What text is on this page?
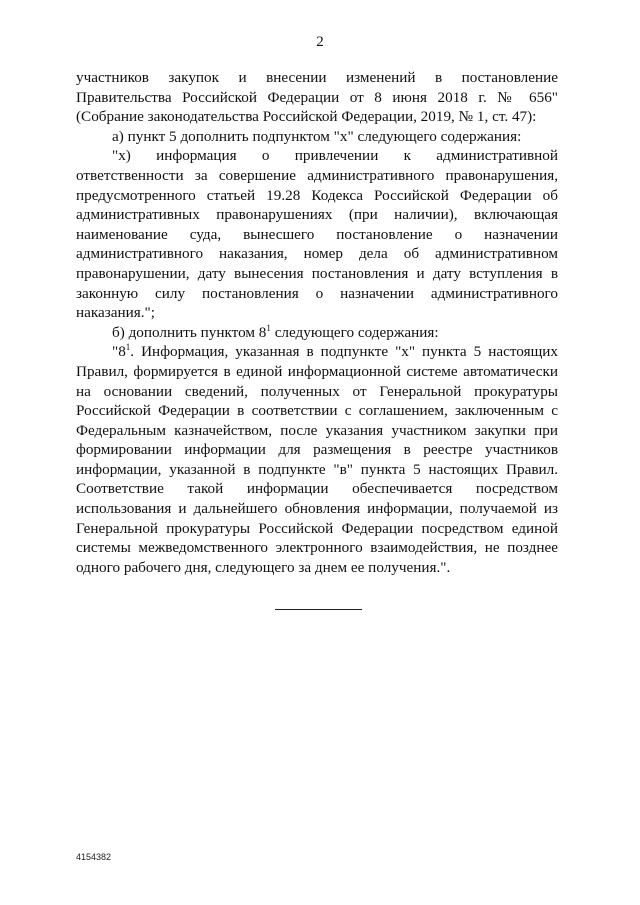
2

участников закупок и внесении изменений в постановление Правительства Российской Федерации от 8 июня 2018 г. № 656" (Собрание законодательства Российской Федерации, 2019, № 1, ст. 47):

а) пункт 5 дополнить подпунктом "х" следующего содержания:

"х) информация о привлечении к административной ответственности за совершение административного правонарушения, предусмотренного статьей 19.28 Кодекса Российской Федерации об административных правонарушениях (при наличии), включающая наименование суда, вынесшего постановление о назначении административного наказания, номер дела об административном правонарушении, дату вынесения постановления и дату вступления в законную силу постановления о назначении административного наказания.";

б) дополнить пунктом $8^1$ следующего содержания:

"$8^1$. Информация, указанная в подпункте "х" пункта 5 настоящих Правил, формируется в единой информационной системе автоматически на основании сведений, полученных от Генеральной прокуратуры Российской Федерации в соответствии с соглашением, заключенным с Федеральным казначейством, после указания участником закупки при формировании информации для размещения в реестре участников информации, указанной в подпункте "в" пункта 5 настоящих Правил. Соответствие такой информации обеспечивается посредством использования и дальнейшего обновления информации, получаемой из Генеральной прокуратуры Российской Федерации посредством единой системы межведомственного электронного взаимодействия, не позднее одного рабочего дня, следующего за днем ее получения.".

4154382
